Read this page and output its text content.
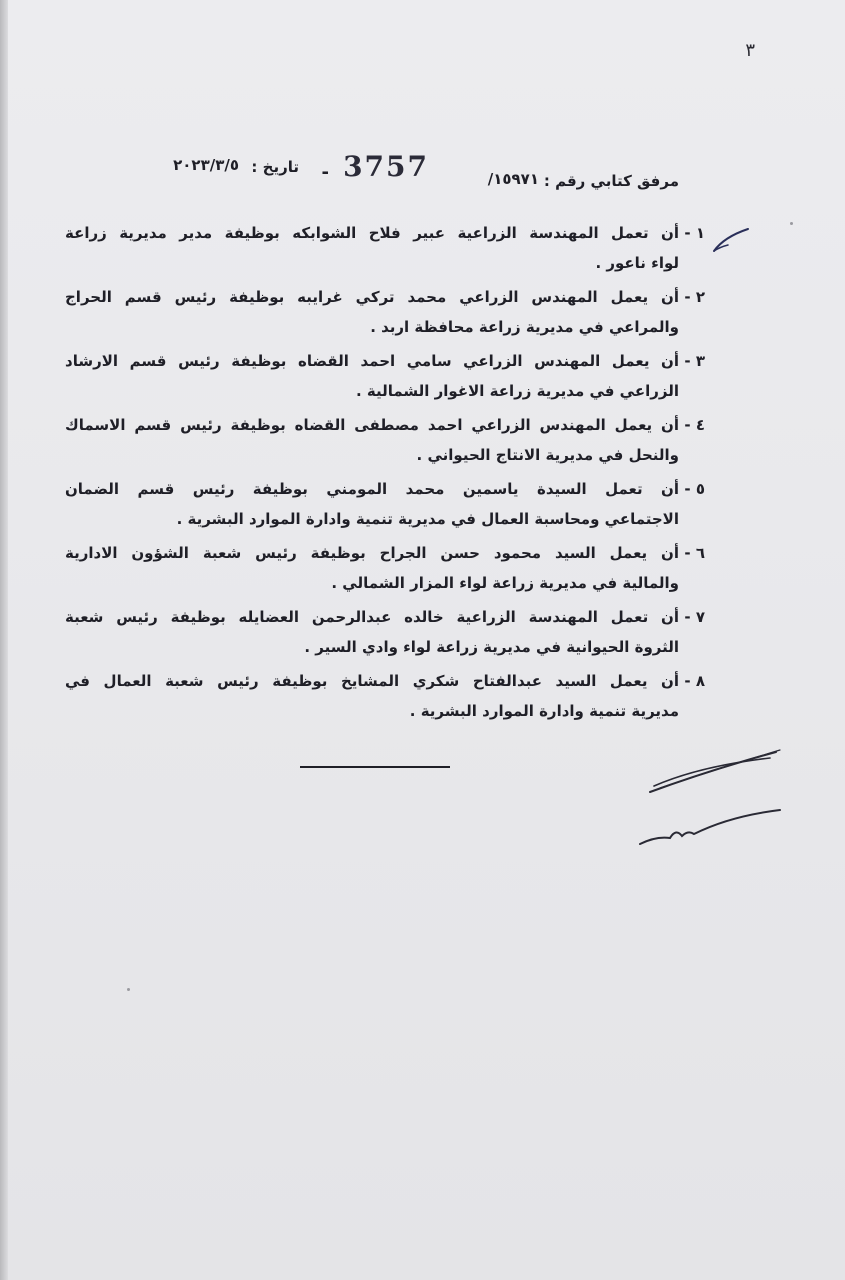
٣
مرفق كتابي رقم :
١٥٩٧١/
3757
-
تاريخ :
٢٠٢٣/٣/٥
١ -
أن تعمل المهندسة الزراعية عبير فلاح الشوابكه بوظيفة مدير مديرية زراعة
لواء ناعور .
٢ -
أن يعمل المهندس الزراعي محمد تركي غرايبه بوظيفة رئيس قسم الحراج
والمراعي في مديرية زراعة محافظة اربد .
٣ -
أن يعمل المهندس الزراعي سامي احمد القضاه بوظيفة رئيس قسم الارشاد
الزراعي في مديرية زراعة الاغوار الشمالية .
٤ -
أن يعمل المهندس الزراعي احمد مصطفى القضاه بوظيفة رئيس قسم الاسماك
والنحل في مديرية الانتاج الحيواني .
٥ -
أن تعمل السيدة ياسمين محمد المومني بوظيفة رئيس قسم الضمان
الاجتماعي ومحاسبة العمال في مديرية تنمية وادارة الموارد البشرية .
٦ -
أن يعمل السيد محمود حسن الجراح بوظيفة رئيس شعبة الشؤون الادارية
والمالية في مديرية زراعة لواء المزار الشمالي .
٧ -
أن تعمل المهندسة الزراعية خالده عبدالرحمن العضايله بوظيفة رئيس شعبة
الثروة الحيوانية في مديرية زراعة لواء وادي السير .
٨ -
أن يعمل السيد عبدالفتاح شكري المشايخ بوظيفة رئيس شعبة العمال في
مديرية تنمية وادارة الموارد البشرية .
